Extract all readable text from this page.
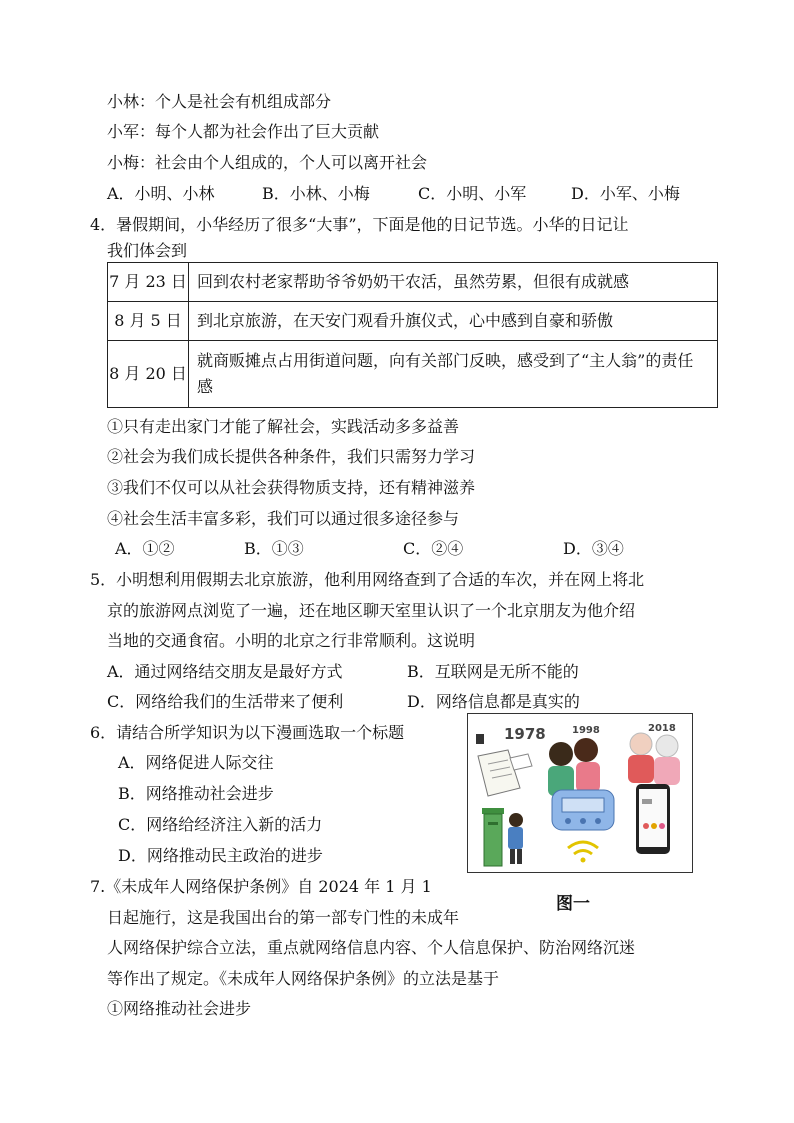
小林：个人是社会有机组成部分
小军：每个人都为社会作出了巨大贡献
小梅：社会由个人组成的，个人可以离开社会
A．小明、小林	B．小林、小梅	C．小明、小军	D．小军、小梅
4．暑假期间，小华经历了很多“大事”，下面是他的日记节选。小华的日记让
我们体会到
7 月 23 日	回到农村老家帮助爷爷奶奶干农活，虽然劳累，但很有成就感
8 月 5 日	到北京旅游，在天安门观看升旗仪式，心中感到自豪和骄傲
8 月 20 日	就商贩摊点占用街道问题，向有关部门反映，感受到了“主人翁”的责任感
①只有走出家门才能了解社会，实践活动多多益善
②社会为我们成长提供各种条件，我们只需努力学习
③我们不仅可以从社会获得物质支持，还有精神滋养
④社会生活丰富多彩，我们可以通过很多途径参与
A．①②	B．①③	C．②④	D．③④
5．小明想利用假期去北京旅游，他利用网络查到了合适的车次，并在网上将北
京的旅游网点浏览了一遍，还在地区聊天室里认识了一个北京朋友为他介绍
当地的交通食宿。小明的北京之行非常顺利。这说明
A．通过网络结交朋友是最好方式	B．互联网是无所不能的
C．网络给我们的生活带来了便利	D．网络信息都是真实的
6．请结合所学知识为以下漫画选取一个标题
A．网络促进人际交往
B．网络推动社会进步
C．网络给经济注入新的活力
D．网络推动民主政治的进步
1978	1998	2018
图一
7.《未成年人网络保护条例》自 2024 年 1 月 1
日起施行，这是我国出台的第一部专门性的未成年
人网络保护综合立法，重点就网络信息内容、个人信息保护、防治网络沉迷
等作出了规定。《未成年人网络保护条例》的立法是基于
①网络推动社会进步
